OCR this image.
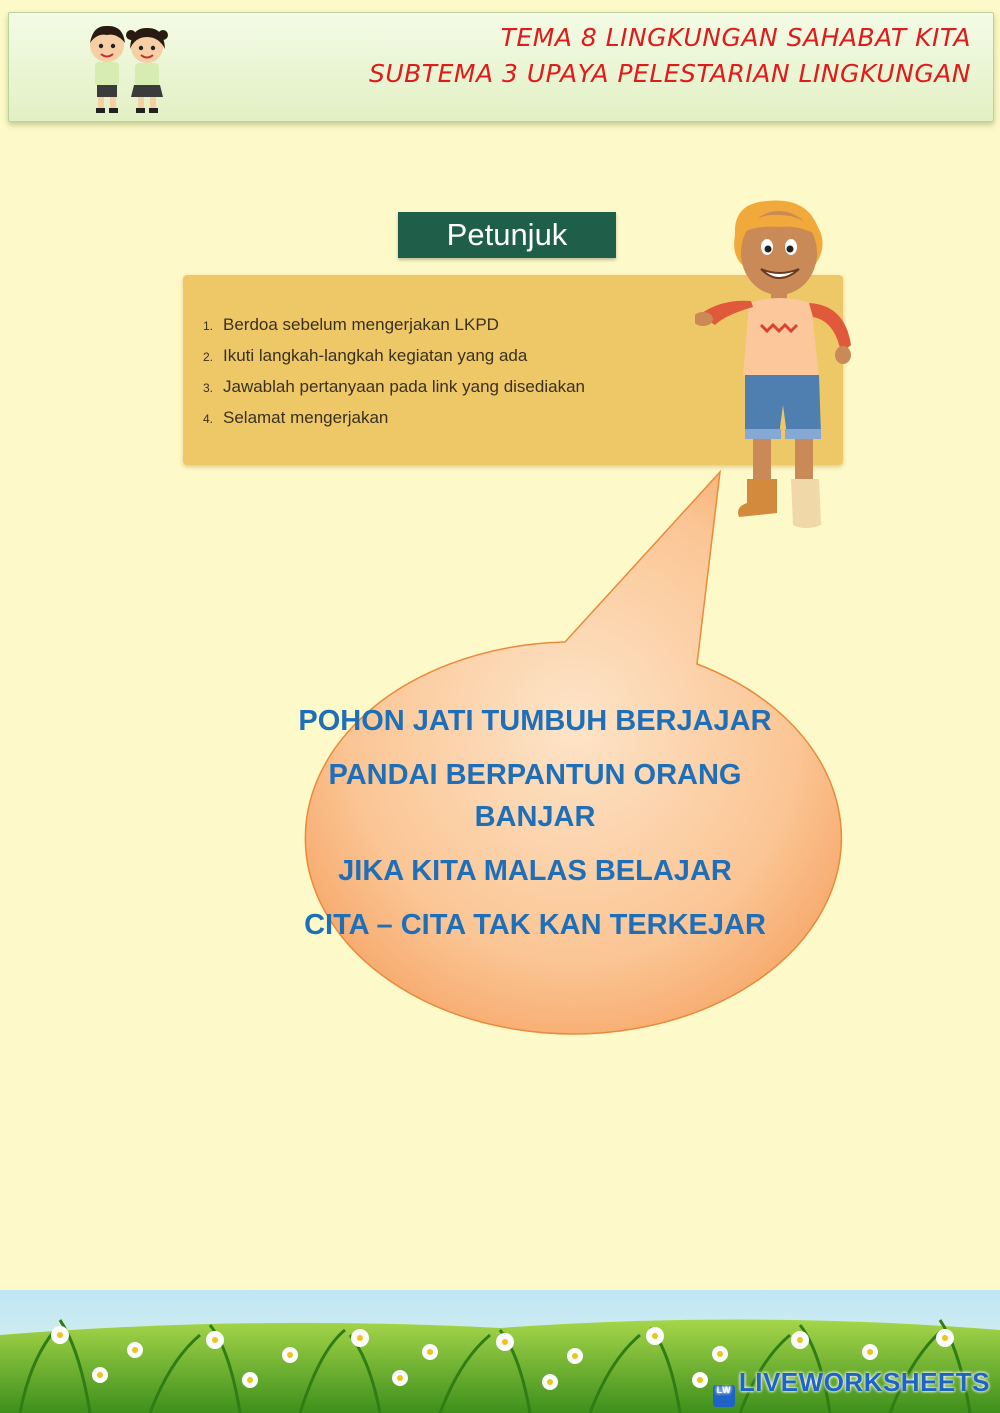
TEMA 8 LINGKUNGAN SAHABAT KITA
SUBTEMA 3 UPAYA PELESTARIAN LINGKUNGAN
Petunjuk
1. Berdoa sebelum mengerjakan LKPD
2. Ikuti langkah-langkah kegiatan yang ada
3. Jawablah pertanyaan pada link yang disediakan
4. Selamat mengerjakan
POHON JATI TUMBUH BERJAJAR
PANDAI BERPANTUN ORANG BANJAR
JIKA KITA MALAS BELAJAR
CITA – CITA TAK KAN TERKEJAR
LW LIVEWORKSHEETS
